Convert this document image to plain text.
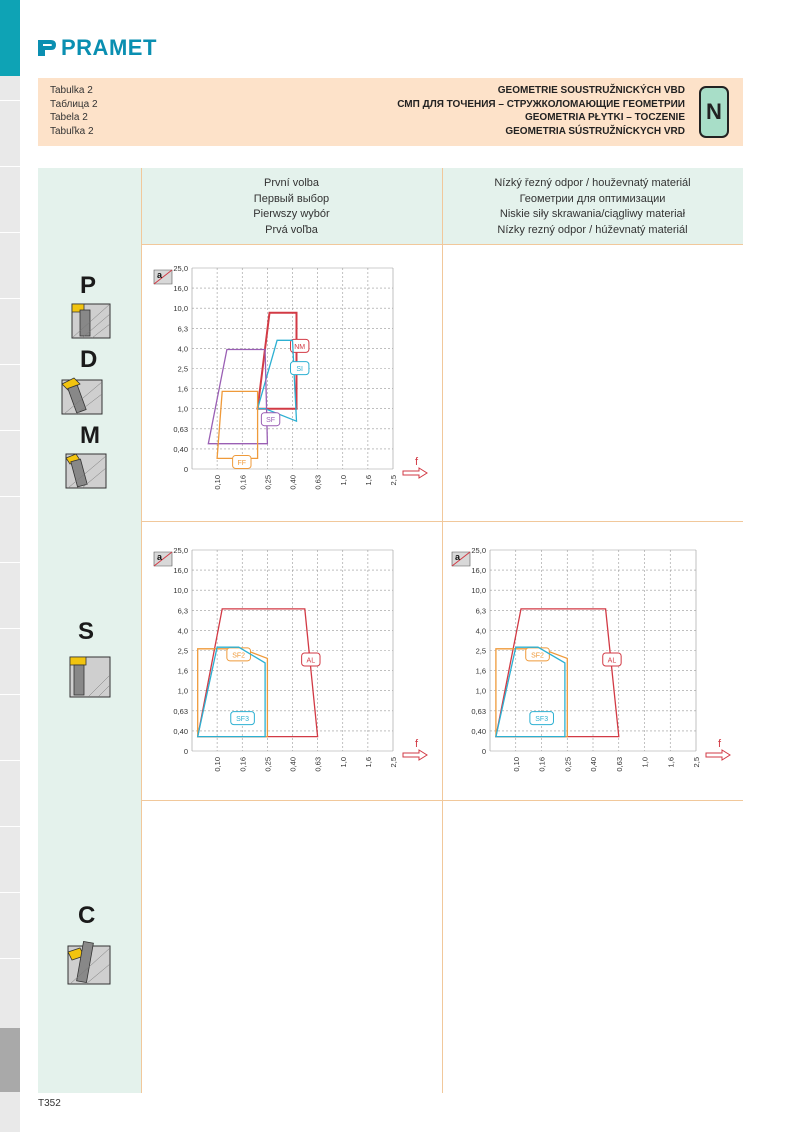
PRAMET
Tabulka 2
Таблица 2
Tabela 2
Tabuľka 2
GEOMETRIE SOUSTRUŽNICKÝCH VBD
СМП ДЛЯ ТОЧЕНИЯ – СТРУЖКОЛОМАЮЩИЕ ГЕОМЕТРИИ
GEOMETRIA PŁYTKI – TOCZENIE
GEOMETRIA SÚSTRUŽNÍCKYCH VRD
N
První volba
Первый выбор
Pierwszy wybór
Prvá voľba
Nízký řezný odpor / houževnatý materiál
Геометрии для оптимизации
Niskie siły skrawania/ciągliwy materiał
Nízky rezný odpor / húževnatý materiál
P
D
M
S
C
25,0
16,0
10,0
6,3
4,0
2,5
1,6
1,0
0,63
0,40
0
0,10 0,16 0,25 0,40 0,63 1,0 1,6 2,5
a
f
NM
SI
SF
FF
25,0
16,0
10,0
6,3
4,0
2,5
1,6
1,0
0,63
0,40
0
0,10 0,16 0,25 0,40 0,63 1,0 1,6 2,5
a
f
AL
SF2
SF3
25,0
16,0
10,0
6,3
4,0
2,5
1,6
1,0
0,63
0,40
0
0,10 0,16 0,25 0,40 0,63 1,0 1,6 2,5
a
f
AL
SF2
SF3
T352
